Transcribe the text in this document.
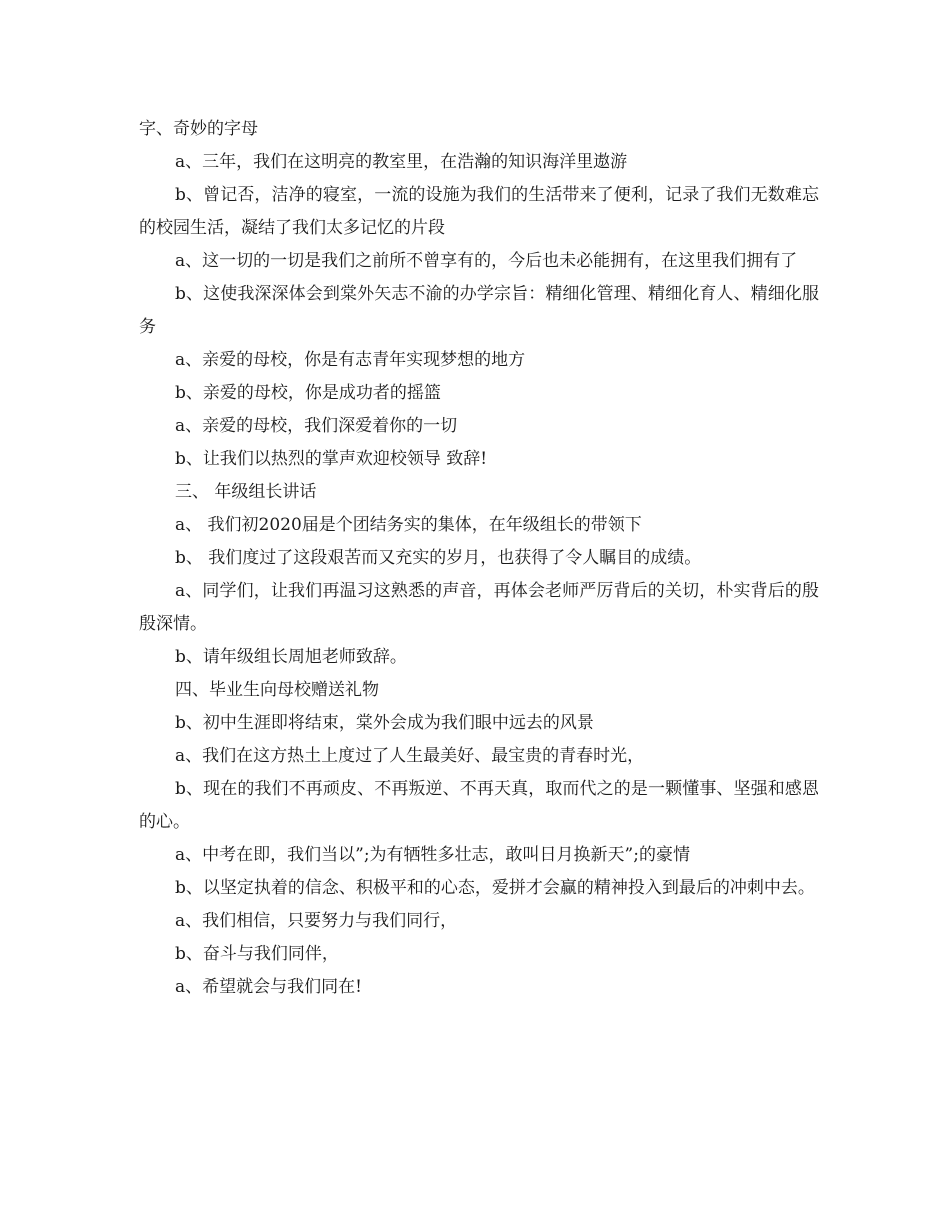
字、奇妙的字母

a、三年，我们在这明亮的教室里，在浩瀚的知识海洋里遨游

b、曾记否，洁净的寝室，一流的设施为我们的生活带来了便利，记录了我们无数难忘的校园生活，凝结了我们太多记忆的片段

a、这一切的一切是我们之前所不曾享有的，今后也未必能拥有，在这里我们拥有了

b、这使我深深体会到棠外矢志不渝的办学宗旨：精细化管理、精细化育人、精细化服务

a、亲爱的母校，你是有志青年实现梦想的地方

b、亲爱的母校，你是成功者的摇篮

a、亲爱的母校，我们深爱着你的一切

b、让我们以热烈的掌声欢迎校领导 致辞!

三、 年级组长讲话

a、 我们初2020届是个团结务实的集体，在年级组长的带领下

b、 我们度过了这段艰苦而又充实的岁月，也获得了令人瞩目的成绩。

a、同学们，让我们再温习这熟悉的声音，再体会老师严厉背后的关切，朴实背后的殷殷深情。

b、请年级组长周旭老师致辞。

四、毕业生向母校赠送礼物

b、初中生涯即将结束，棠外会成为我们眼中远去的风景

a、我们在这方热土上度过了人生最美好、最宝贵的青春时光，

b、现在的我们不再顽皮、不再叛逆、不再天真，取而代之的是一颗懂事、坚强和感恩的心。

a、中考在即，我们当以”;为有牺牲多壮志，敢叫日月换新天”;的豪情

b、以坚定执着的信念、积极平和的心态，爱拼才会赢的精神投入到最后的冲刺中去。

a、我们相信，只要努力与我们同行，

b、奋斗与我们同伴，

a、希望就会与我们同在!
